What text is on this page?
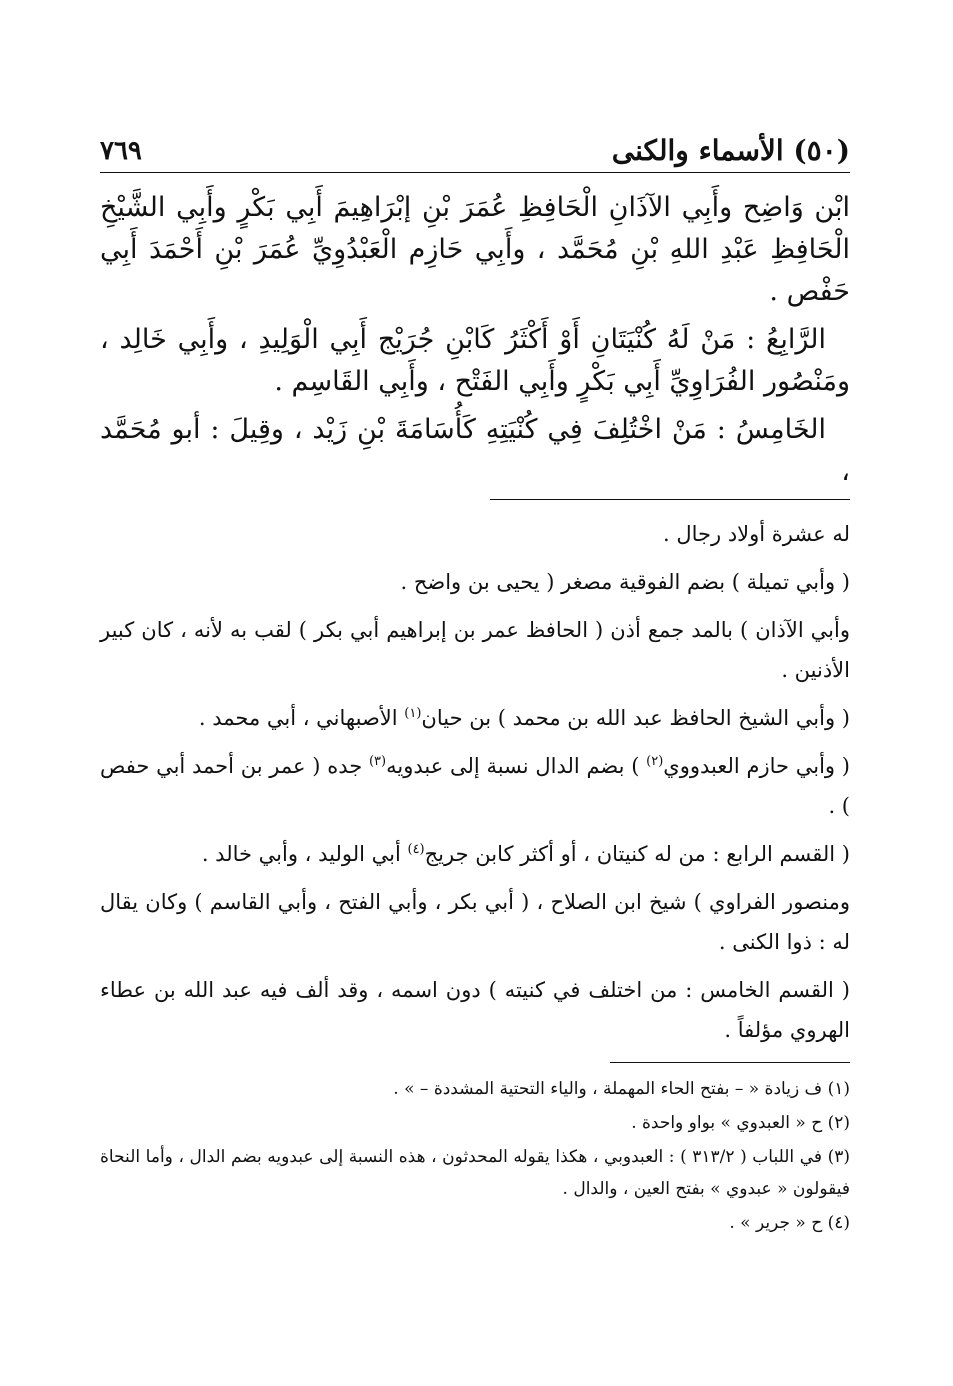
(٥٠) الأسماء والكنى
٧٦٩

ابْن وَاضِح وأَبِي الآذَانِ الْحَافِظِ عُمَرَ بْنِ إبْرَاهِيمَ أَبِي بَكْرٍ وأَبِي الشَّيْخِ الْحَافِظِ عَبْدِ اللهِ بْنِ مُحَمَّد ، وأَبِي حَازِم الْعَبْدُوِيِّ عُمَرَ بْنِ أَحْمَدَ أَبِي حَفْص .

الرَّابِعُ : مَنْ لَهُ كُنْيَتَانِ أَوْ أَكْثَرُ كَابْنِ جُرَيْج أَبِي الْوَلِيدِ ، وأَبِي خَالِد ، ومَنْصُور الفُرَاوِيِّ أَبِي بَكْرٍ وأَبِي الفَتْح ، وأَبِي القَاسِم .

الخَامِسُ : مَنْ اخْتُلِفَ فِي كُنْيَتِهِ كَأُسَامَةَ بْنِ زَيْد ، وقِيلَ : أبو مُحَمَّد ،

له عشرة أولاد رجال .

( وأبي تميلة ) بضم الفوقية مصغر ( يحيى بن واضح .

وأبي الآذان ) بالمد جمع أذن ( الحافظ عمر بن إبراهيم أبي بكر ) لقب به لأنه ، كان كبير الأذنين .

( وأبي الشيخ الحافظ عبد الله بن محمد ) بن حيان$^{(١)}$ الأصبهاني ، أبي محمد .

( وأبي حازم العبدووي$^{(٢)}$ ) بضم الدال نسبة إلى عبدويه$^{(٣)}$ جده ( عمر بن أحمد أبي حفص ) .

( القسم الرابع : من له كنيتان ، أو أكثر كابن جريج$^{(٤)}$ أبي الوليد ، وأبي خالد .

ومنصور الفراوي ) شيخ ابن الصلاح ، ( أبي بكر ، وأبي الفتح ، وأبي القاسم ) وكان يقال له : ذوا الكنى .

( القسم الخامس : من اختلف في كنيته ) دون اسمه ، وقد ألف فيه عبد الله بن عطاء الهروي مؤلفاً .

(١) ف زيادة « – بفتح الحاء المهملة ، والياء التحتية المشددة – » .

(٢) ح « العبدوي » بواو واحدة .

(٣) في اللباب ( ٣١٣/٢ ) : العبدوبي ، هكذا يقوله المحدثون ، هذه النسبة إلى عبدويه بضم الدال ، وأما النحاة فيقولون « عبدوي » بفتح العين ، والدال .

(٤) ح « جرير » .
